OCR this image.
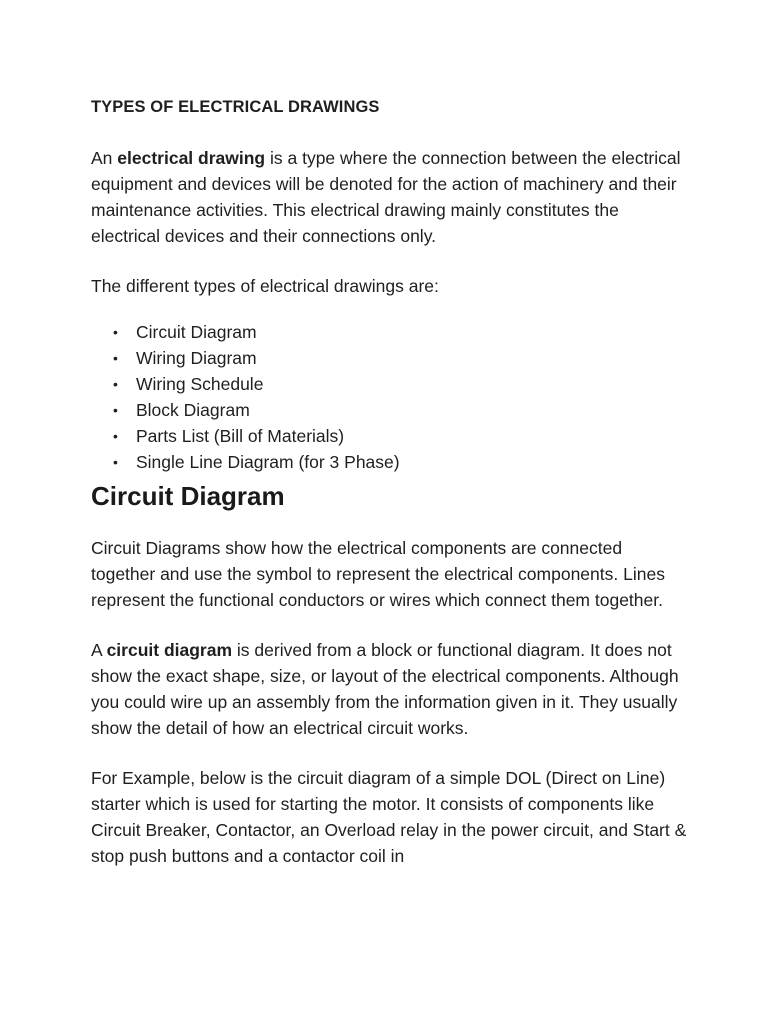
TYPES OF ELECTRICAL DRAWINGS

An electrical drawing is a type where the connection between the electrical equipment and devices will be denoted for the action of machinery and their maintenance activities. This electrical drawing mainly constitutes the electrical devices and their connections only.

The different types of electrical drawings are:

• Circuit Diagram
• Wiring Diagram
• Wiring Schedule
• Block Diagram
• Parts List (Bill of Materials)
• Single Line Diagram (for 3 Phase)
Circuit Diagram

Circuit Diagrams show how the electrical components are connected together and use the symbol to represent the electrical components. Lines represent the functional conductors or wires which connect them together.

A circuit diagram is derived from a block or functional diagram. It does not show the exact shape, size, or layout of the electrical components. Although you could wire up an assembly from the information given in it. They usually show the detail of how an electrical circuit works.

For Example, below is the circuit diagram of a simple DOL (Direct on Line) starter which is used for starting the motor. It consists of components like Circuit Breaker, Contactor, an Overload relay in the power circuit, and Start & stop push buttons and a contactor coil in
